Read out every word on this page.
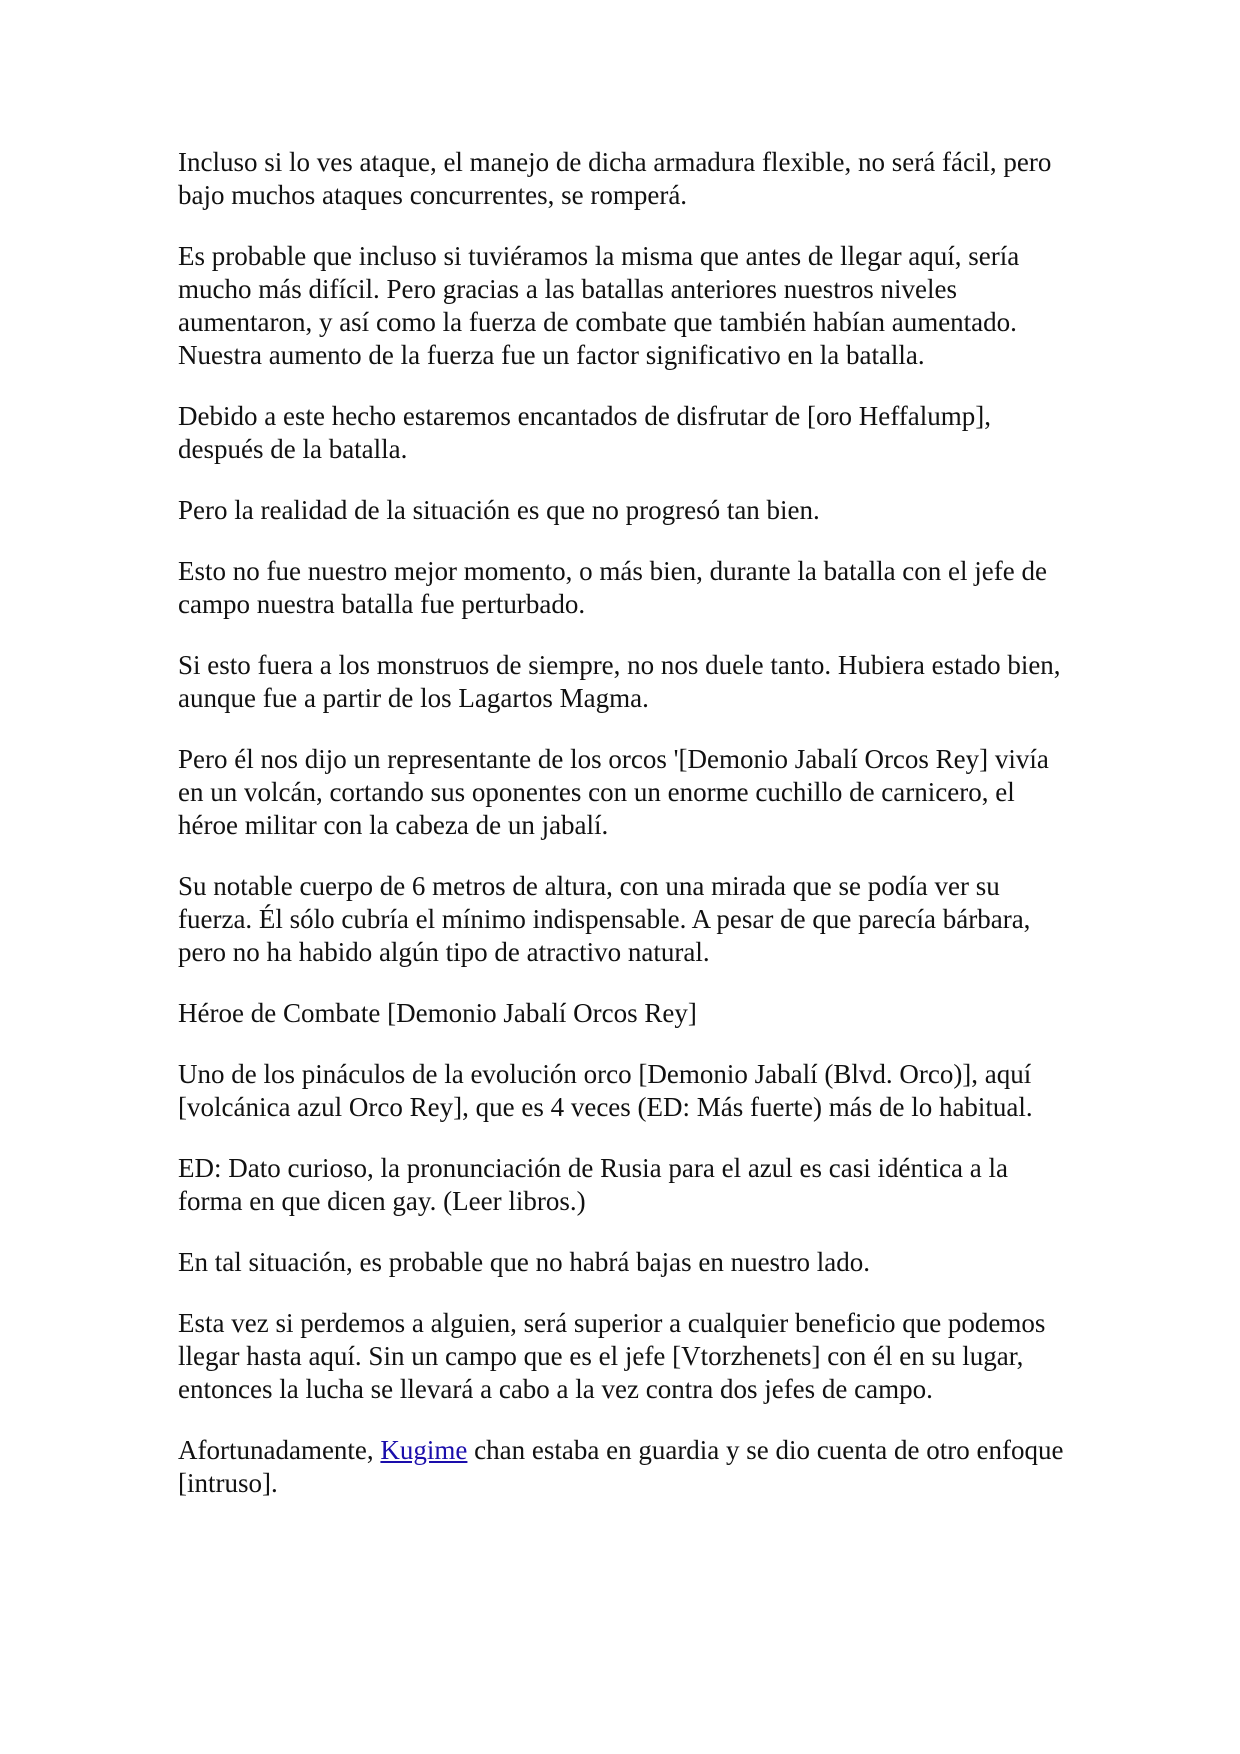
Incluso si lo ves ataque, el manejo de dicha armadura flexible, no será fácil, pero bajo muchos ataques concurrentes, se romperá.

Es probable que incluso si tuviéramos la misma que antes de llegar aquí, sería mucho más difícil. Pero gracias a las batallas anteriores nuestros niveles aumentaron, y así como la fuerza de combate que también habían aumentado. Nuestra aumento de la fuerza fue un factor significativo en la batalla.

Debido a este hecho estaremos encantados de disfrutar de [oro Heffalump], después de la batalla.

Pero la realidad de la situación es que no progresó tan bien.

Esto no fue nuestro mejor momento, o más bien, durante la batalla con el jefe de campo nuestra batalla fue perturbado.

Si esto fuera a los monstruos de siempre, no nos duele tanto. Hubiera estado bien, aunque fue a partir de los Lagartos Magma.

Pero él nos dijo un representante de los orcos '[Demonio Jabalí Orcos Rey] vivía en un volcán, cortando sus oponentes con un enorme cuchillo de carnicero, el héroe militar con la cabeza de un jabalí.

Su notable cuerpo de 6 metros de altura, con una mirada que se podía ver su fuerza. Él sólo cubría el mínimo indispensable. A pesar de que parecía bárbara, pero no ha habido algún tipo de atractivo natural.

Héroe de Combate [Demonio Jabalí Orcos Rey]

Uno de los pináculos de la evolución orco [Demonio Jabalí (Blvd. Orco)], aquí [volcánica azul Orco Rey], que es 4 veces (ED: Más fuerte) más de lo habitual.

ED: Dato curioso, la pronunciación de Rusia para el azul es casi idéntica a la forma en que dicen gay. (Leer libros.)

En tal situación, es probable que no habrá bajas en nuestro lado.

Esta vez si perdemos a alguien, será superior a cualquier beneficio que podemos llegar hasta aquí. Sin un campo que es el jefe [Vtorzhenets] con él en su lugar, entonces la lucha se llevará a cabo a la vez contra dos jefes de campo.

Afortunadamente, Kugime chan estaba en guardia y se dio cuenta de otro enfoque [intruso].
